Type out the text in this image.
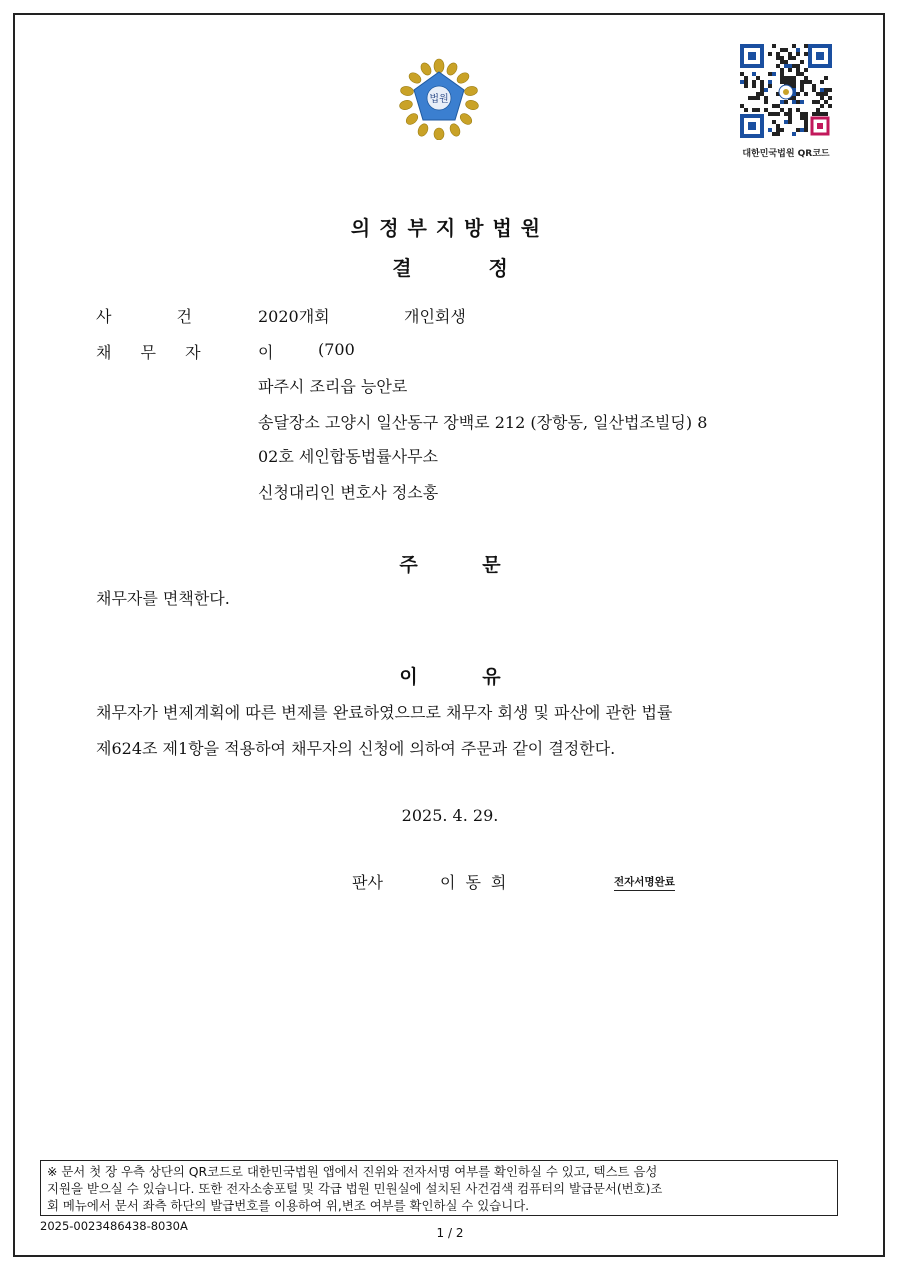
법원
대한민국법원 QR코드
의정부지방법원
결 정
사 건	2020개회	개인회생
채 무 자	이	(700
파주시 조리읍 능안로
송달장소 고양시 일산동구 장백로 212 (장항동, 일산법조빌딩) 8
02호 세인합동법률사무소
신청대리인 변호사 정소홍
주 문
채무자를 면책한다.
이 유
채무자가 변제계획에 따른 변제를 완료하였으므로 채무자 회생 및 파산에 관한 법률
제624조 제1항을 적용하여 채무자의 신청에 의하여 주문과 같이 결정한다.
2025. 4. 29.
판사	이동희	전자서명완료
※ 문서 첫 장 우측 상단의 QR코드로 대한민국법원 앱에서 진위와 전자서명 여부를 확인하실 수 있고, 텍스트 음성
지원을 받으실 수 있습니다. 또한 전자소송포털 및 각급 법원 민원실에 설치된 사건검색 컴퓨터의 발급문서(번호)조
회 메뉴에서 문서 좌측 하단의 발급번호를 이용하여 위,변조 여부를 확인하실 수 있습니다.
2025-0023486438-8030A	1 / 2
